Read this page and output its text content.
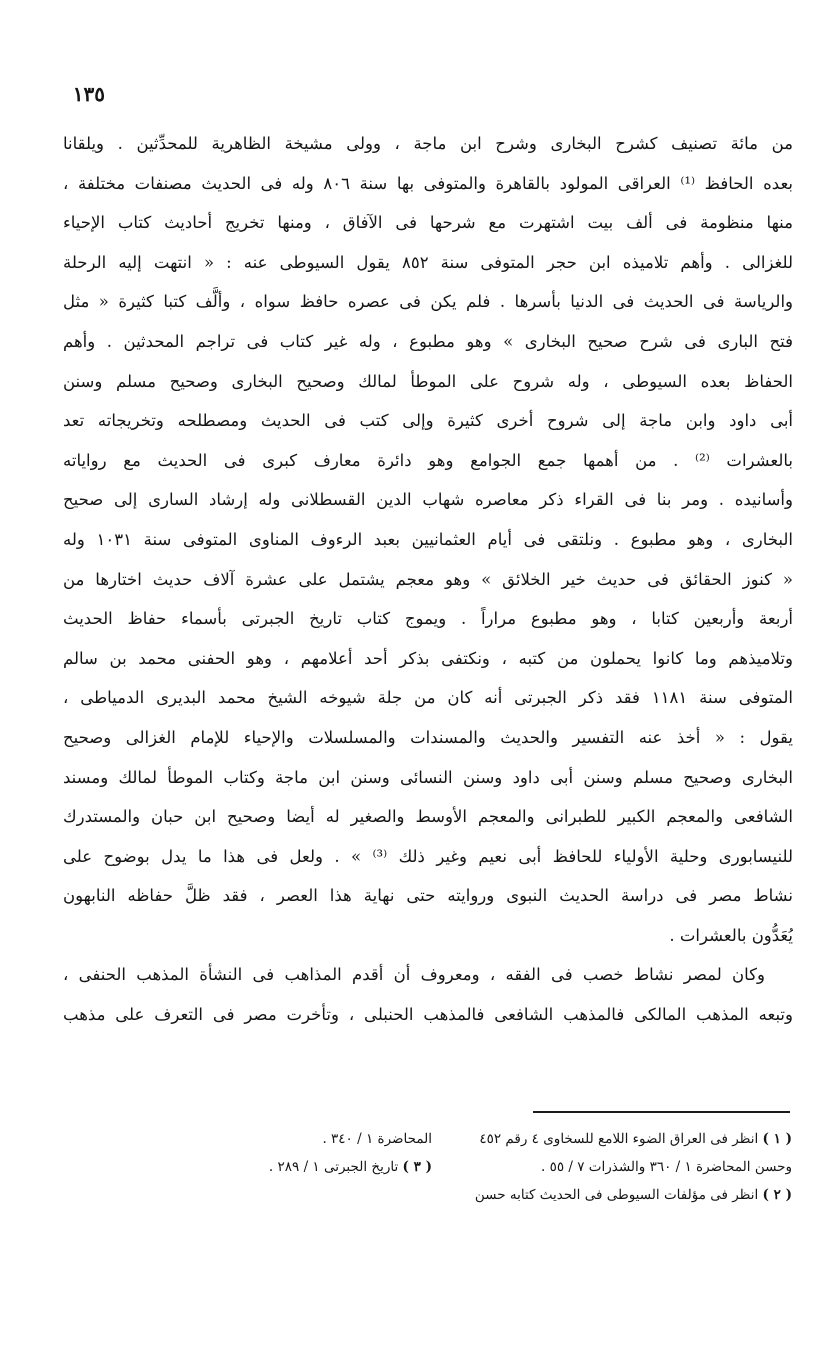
١٣٥
من مائة تصنيف كشرح البخارى وشرح ابن ماجة ، وولى مشيخة الظاهرية للمحدِّثين . ويلقانا
بعده الحافظ ⁽¹⁾ العراقى المولود بالقاهرة والمتوفى بها سنة ٨٠٦ وله فى الحديث مصنفات مختلفة ،
منها منظومة فى ألف بيت اشتهرت مع شرحها فى الآفاق ، ومنها تخريج أحاديث كتاب الإحياء
للغزالى . وأهم تلاميذه ابن حجر المتوفى سنة ٨٥٢ يقول السيوطى عنه : « انتهت إليه الرحلة
والرياسة فى الحديث فى الدنيا بأسرها . فلم يكن فى عصره حافظ سواه ، وألَّف كتبا كثيرة « مثل
فتح البارى فى شرح صحيح البخارى » وهو مطبوع ، وله غير كتاب فى تراجم المحدثين . وأهم
الحفاظ بعده السيوطى ، وله شروح على الموطأ لمالك وصحيح البخارى وصحيح مسلم وسنن
أبى داود وابن ماجة إلى شروح أخرى كثيرة وإلى كتب فى الحديث ومصطلحه وتخريجاته تعد
بالعشرات ⁽²⁾ . من أهمها جمع الجوامع وهو دائرة معارف كبرى فى الحديث مع رواياته
وأسانيده . ومر بنا فى القراء ذكر معاصره شهاب الدين القسطلانى وله إرشاد السارى إلى صحيح
البخارى ، وهو مطبوع . ونلتقى فى أيام العثمانيين بعبد الرءوف المناوى المتوفى سنة ١٠٣١ وله
« كنوز الحقائق فى حديث خير الخلائق » وهو معجم يشتمل على عشرة آلاف حديث اختارها من
أربعة وأربعين كتابا ، وهو مطبوع مراراً . ويموج كتاب تاريخ الجبرتى بأسماء حفاظ الحديث
وتلاميذهم وما كانوا يحملون من كتبه ، ونكتفى بذكر أحد أعلامهم ، وهو الحفنى محمد بن سالم
المتوفى سنة ١١٨١ فقد ذكر الجبرتى أنه كان من جلة شيوخه الشيخ محمد البديرى الدمياطى ،
يقول : « أخذ عنه التفسير والحديث والمسندات والمسلسلات والإحياء للإمام الغزالى وصحيح
البخارى وصحيح مسلم وسنن أبى داود وسنن النسائى وسنن ابن ماجة وكتاب الموطأ لمالك ومسند
الشافعى والمعجم الكبير للطبرانى والمعجم الأوسط والصغير له أيضا وصحيح ابن حبان والمستدرك
للنيسابورى وحلية الأولياء للحافظ أبى نعيم وغير ذلك ⁽³⁾ » . ولعل فى هذا ما يدل بوضوح على
نشاط مصر فى دراسة الحديث النبوى وروايته حتى نهاية هذا العصر ، فقد ظلَّ حفاظه النابهون
يُعَدُّون بالعشرات .
وكان لمصر نشاط خصب فى الفقه ، ومعروف أن أقدم المذاهب فى النشأة المذهب الحنفى ،
وتبعه المذهب المالكى فالمذهب الشافعى فالمذهب الحنبلى ، وتأخرت مصر فى التعرف على مذهب
( ١ ) انظر فى العراق الضوء اللامع للسخاوى ٤ رقم ٤٥٢
المحاضرة ١ / ٣٤٠ .
وحسن المحاضرة ١ / ٣٦٠ والشذرات ٧ / ٥٥ .
( ٣ ) تاريخ الجبرتى ١ / ٢٨٩ .
( ٢ ) انظر فى مؤلفات السيوطى فى الحديث كتابه حسن
